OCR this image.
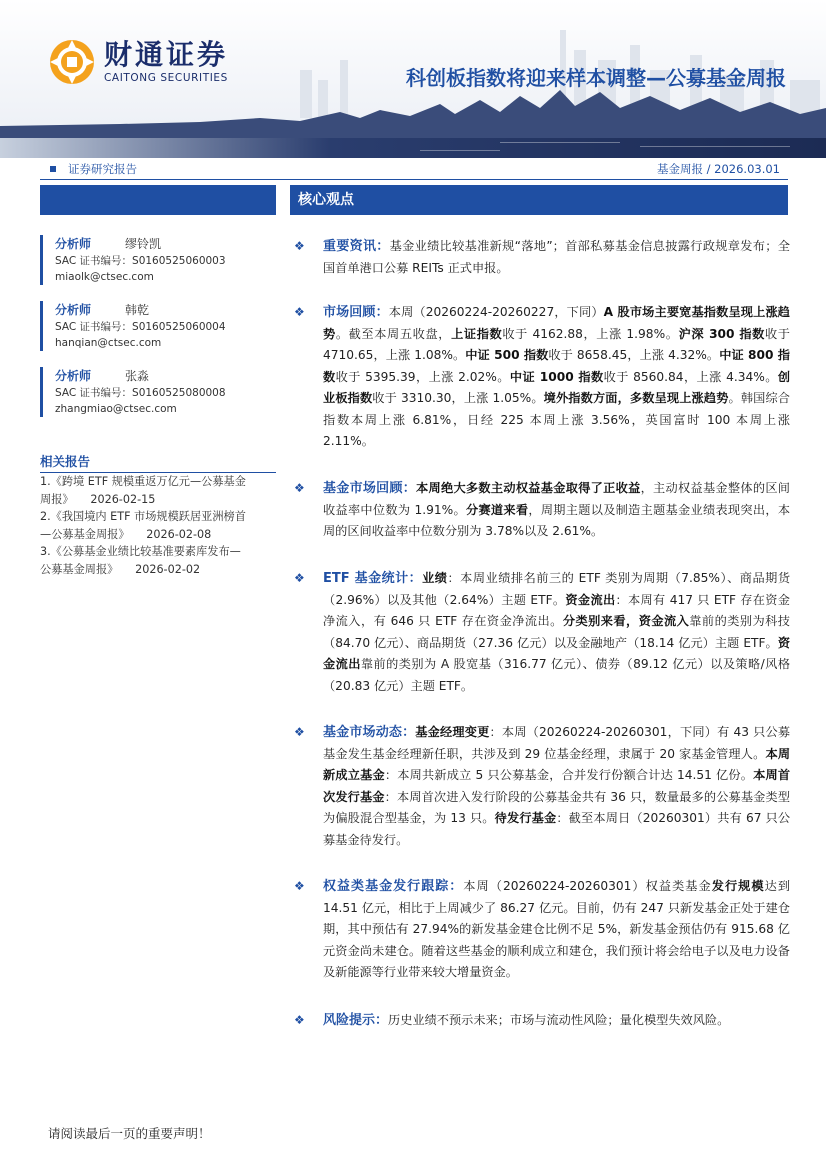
财通证券
CAITONG SECURITIES	科创板指数将迎来样本调整—公募基金周报
证券研究报告	基金周报 / 2026.03.01
分析师	缪铃凯
SAC 证书编号：S0160525060003
miaolk@ctsec.com
分析师	韩乾
SAC 证书编号：S0160525060004
hanqian@ctsec.com
分析师	张淼
SAC 证书编号：S0160525080008
zhangmiao@ctsec.com
相关报告
1.《跨境 ETF 规模重返万亿元—公募基金
周报》　　2026-02-15
2.《我国境内 ETF 市场规模跃居亚洲榜首
—公募基金周报》　　2026-02-08
3.《公募基金业绩比较基准要素库发布—
公募基金周报》　　2026-02-02
核心观点
❖ 重要资讯：基金业绩比较基准新规“落地”；首部私募基金信息披露行政规章发布；全国首单港口公募 REITs 正式申报。
❖ 市场回顾：本周（20260224-20260227，下同）A 股市场主要宽基指数呈现上涨趋势。截至本周五收盘，上证指数收于 4162.88，上涨 1.98%。沪深 300 指数收于 4710.65，上涨 1.08%。中证 500 指数收于 8658.45，上涨 4.32%。中证 800 指数收于 5395.39，上涨 2.02%。中证 1000 指数收于 8560.84，上涨 4.34%。创业板指数收于 3310.30，上涨 1.05%。境外指数方面，多数呈现上涨趋势。韩国综合指数本周上涨 6.81%，日经 225 本周上涨 3.56%，英国富时 100 本周上涨 2.11%。
❖ 基金市场回顾：本周绝大多数主动权益基金取得了正收益，主动权益基金整体的区间收益率中位数为 1.91%。分赛道来看，周期主题以及制造主题基金业绩表现突出，本周的区间收益率中位数分别为 3.78%以及 2.61%。
❖ ETF 基金统计：业绩：本周业绩排名前三的 ETF 类别为周期（7.85%）、商品期货（2.96%）以及其他（2.64%）主题 ETF。资金流出：本周有 417 只 ETF 存在资金净流入，有 646 只 ETF 存在资金净流出。分类别来看，资金流入靠前的类别为科技（84.70 亿元）、商品期货（27.36 亿元）以及金融地产（18.14 亿元）主题 ETF。资金流出靠前的类别为 A 股宽基（316.77 亿元）、债券（89.12 亿元）以及策略/风格（20.83 亿元）主题 ETF。
❖ 基金市场动态：基金经理变更：本周（20260224-20260301，下同）有 43 只公募基金发生基金经理新任职，共涉及到 29 位基金经理，隶属于 20 家基金管理人。本周新成立基金：本周共新成立 5 只公募基金，合并发行份额合计达 14.51 亿份。本周首次发行基金：本周首次进入发行阶段的公募基金共有 36 只，数量最多的公募基金类型为偏股混合型基金，为 13 只。待发行基金：截至本周日（20260301）共有 67 只公募基金待发行。
❖ 权益类基金发行跟踪：本周（20260224-20260301）权益类基金发行规模达到 14.51 亿元，相比于上周减少了 86.27 亿元。目前，仍有 247 只新发基金正处于建仓期，其中预估有 27.94%的新发基金建仓比例不足 5%，新发基金预估仍有 915.68 亿元资金尚未建仓。随着这些基金的顺利成立和建仓，我们预计将会给电子以及电力设备及新能源等行业带来较大增量资金。
❖ 风险提示：历史业绩不预示未来；市场与流动性风险；量化模型失效风险。
请阅读最后一页的重要声明！
